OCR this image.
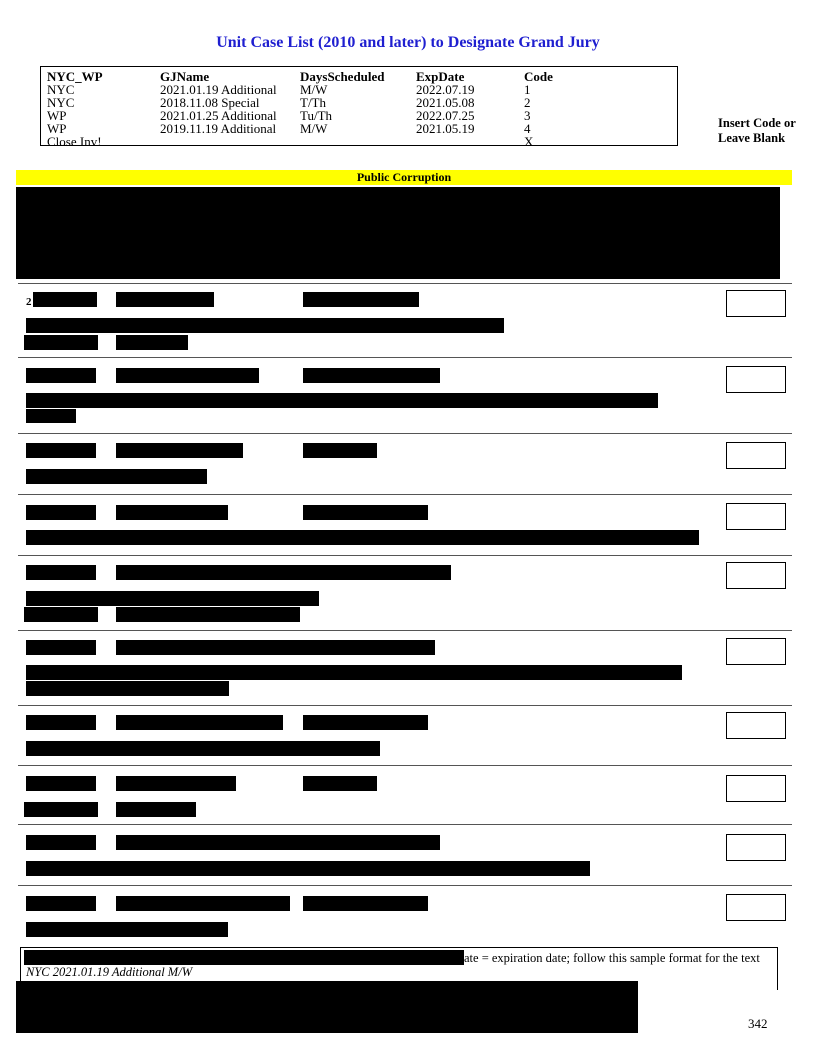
Unit Case List (2010 and later) to Designate Grand Jury
NYC_WP	GJName	DaysScheduled	ExpDate	Code
NYC	2021.01.19 Additional	M/W	2022.07.19	1
NYC	2018.11.08 Special	T/Th	2021.05.08	2
WP	2021.01.25 Additional	Tu/Th	2022.07.25	3
WP	2019.11.19 Additional	M/W	2021.05.19	4
Close Inv!				X
Insert Code or
Leave Blank
Public Corruption
2
ate = expiration date; follow this sample format for the text
NYC 2021.01.19 Additional M/W
342
